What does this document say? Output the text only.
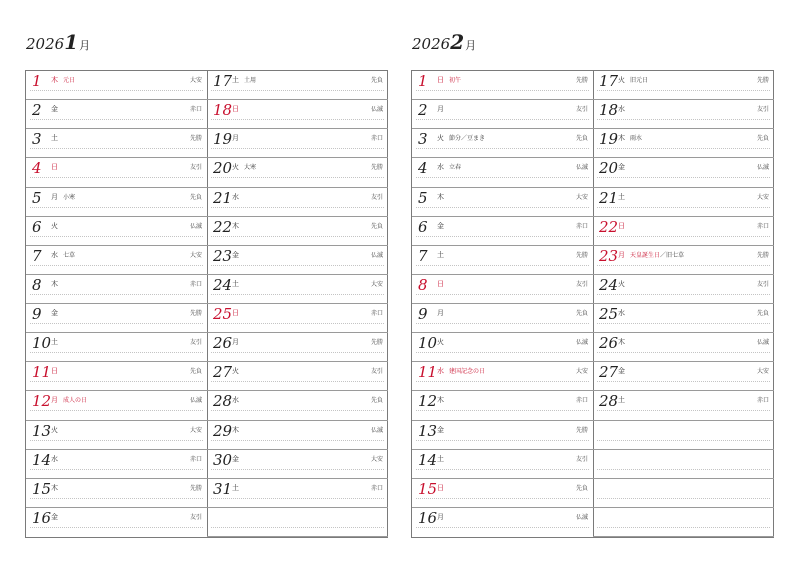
20261月	20262月
1 木 元日	大安
2 金	赤口
3 土	先勝
4 日	友引
5 月 小寒	先負
6 火	仏滅
7 水 七草	大安
8 木	赤口
9 金	先勝
10 土	友引
11 日	先負
12 月 成人の日	仏滅
13 火	大安
14 水	赤口
15 木	先勝
16 金	友引
17 土 土用	先負
18 日	仏滅
19 月	赤口
20 火 大寒	先勝
21 水	友引
22 木	先負
23 金	仏滅
24 土	大安
25 日	赤口
26 月	先勝
27 火	友引
28 水	先負
29 木	仏滅
30 金	大安
31 土	赤口
1 日 初午	先勝
2 月	友引
3 火 節分／豆まき	先負
4 水 立春	仏滅
5 木	大安
6 金	赤口
7 土	先勝
8 日	友引
9 月	先負
10 火	仏滅
11 水 建国記念の日	大安
12 木	赤口
13 金	先勝
14 土	友引
15 日	先負
16 月	仏滅
17 火 旧元日	先勝
18 水	友引
19 木 雨水	先負
20 金	仏滅
21 土	大安
22 日	赤口
23 月 天皇誕生日／旧七草	先勝
24 火	友引
25 水	先負
26 木	仏滅
27 金	大安
28 土	赤口
